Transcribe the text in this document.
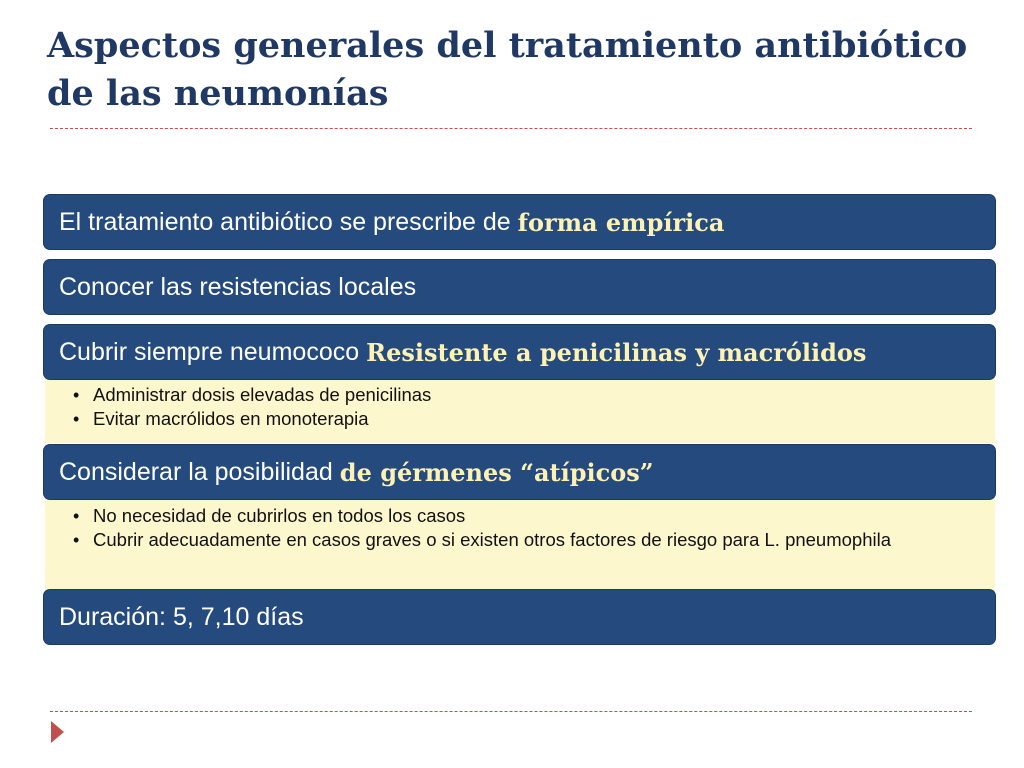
Aspectos generales del tratamiento antibiótico de las neumonías
El tratamiento antibiótico se prescribe de forma empírica
Conocer las resistencias locales
• Administrar dosis elevadas de penicilinas
• Evitar macrólidos en monoterapia
Cubrir siempre neumococo Resistente a penicilinas y macrólidos
• No necesidad de cubrirlos en todos los casos
• Cubrir adecuadamente en casos graves o si existen otros factores de riesgo para L. pneumophila
Considerar la posibilidad de gérmenes “atípicos”
Duración: 5, 7,10 días
